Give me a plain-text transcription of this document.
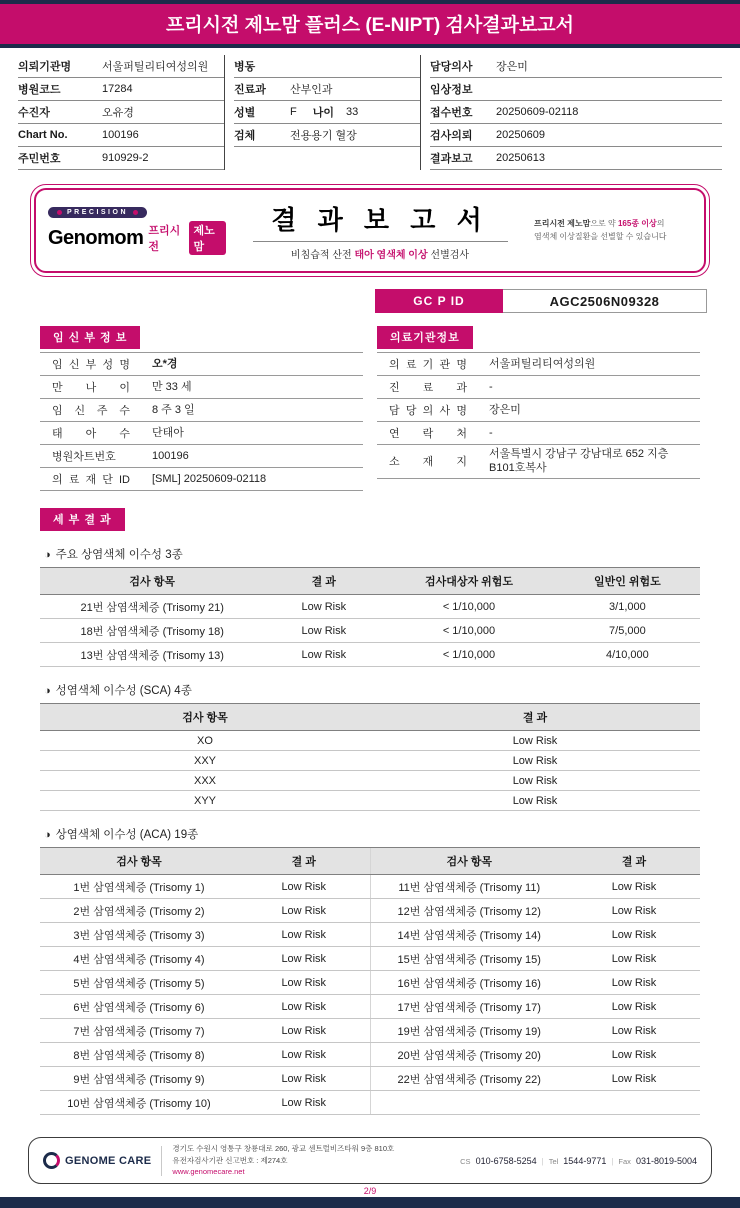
프리시전 제노맘 플러스 (E-NIPT) 검사결과보고서
의뢰기관명	서울퍼틸리티여성의원
병원코드	17284
수진자	오유경
Chart No.	100196
주민번호	910929-2
병동
진료과	산부인과
성별	F 나이 33
검체	전용용기 혈장
담당의사	장은미
임상정보
접수번호	20250609-02118
검사의뢰	20250609
결과보고	20250613
PRECISION
Genomom 프리시전
제노맘
결 과 보 고 서
비침습적 산전 태아 염색체 이상 선별검사
프리시전 제노맘으로 약 165종 이상의
염색체 이상질환을 선별할 수 있습니다
GC P ID	AGC2506N09328
임 신 부 정 보
임 신 부 성 명	오*경
만 나 이	만 33 세
임 신 주 수	8 주 3 일
태 아 수	단태아
병원차트번호	100196
의 료 재 단 ID	[SML] 20250609-02118
의료기관정보
의 료 기 관 명	서울퍼틸리티여성의원
진 료 과	-
담 당 의 사 명	장은미
연 락 처	-
소 재 지
서울특별시 강남구 강남대로 652 지층 B101호복사
세 부 결 과
◑ 주요 상염색체 이수성 3종
검사 항목	결 과	검사대상자 위험도	일반인 위험도
21번 삼염색체증 (Trisomy 21)	Low Risk	< 1/10,000	3/1,000
18번 삼염색체증 (Trisomy 18)	Low Risk	< 1/10,000	7/5,000
13번 삼염색체증 (Trisomy 13)	Low Risk	< 1/10,000	4/10,000
◑ 성염색체 이수성 (SCA) 4종
검사 항목	결 과
XO	Low Risk
XXY	Low Risk
XXX	Low Risk
XYY	Low Risk
◑ 상염색체 이수성 (ACA) 19종
검사 항목	결 과	검사 항목	결 과
1번 삼염색체증 (Trisomy 1)	Low Risk	11번 삼염색체증 (Trisomy 11)	Low Risk
2번 삼염색체증 (Trisomy 2)	Low Risk	12번 삼염색체증 (Trisomy 12)	Low Risk
3번 삼염색체증 (Trisomy 3)	Low Risk	14번 삼염색체증 (Trisomy 14)	Low Risk
4번 삼염색체증 (Trisomy 4)	Low Risk	15번 삼염색체증 (Trisomy 15)	Low Risk
5번 삼염색체증 (Trisomy 5)	Low Risk	16번 삼염색체증 (Trisomy 16)	Low Risk
6번 삼염색체증 (Trisomy 6)	Low Risk	17번 삼염색체증 (Trisomy 17)	Low Risk
7번 삼염색체증 (Trisomy 7)	Low Risk	19번 삼염색체증 (Trisomy 19)	Low Risk
8번 삼염색체증 (Trisomy 8)	Low Risk	20번 삼염색체증 (Trisomy 20)	Low Risk
9번 삼염색체증 (Trisomy 9)	Low Risk	22번 삼염색체증 (Trisomy 22)	Low Risk
10번 삼염색체증 (Trisomy 10)	Low Risk		
GENOME CARE
경기도 수원시 영통구 창룡대로 260, 광교 센트럴비즈타워 9층 810호
유전자검사기관 신고번호 : 제274호
www.genomecare.net
CS 010-6758-5254 | Tel 1544-9771 | Fax 031-8019-5004
2/9
